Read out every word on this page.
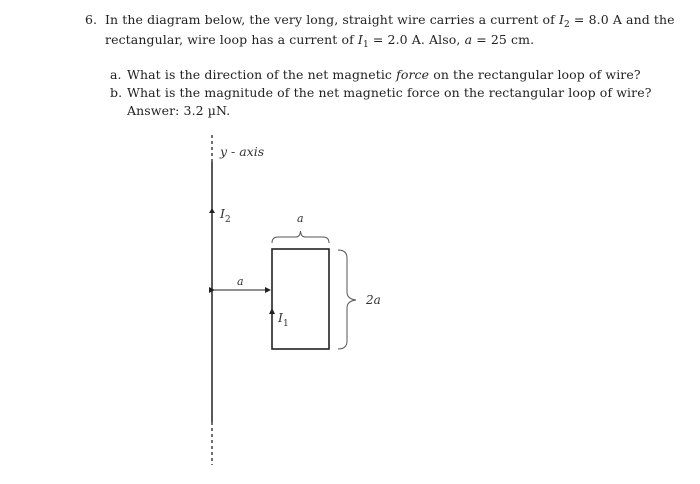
6. In the diagram below, the very long, straight wire carries a current of $I_2 = 8.0$ A and the
rectangular, wire loop has a current of $I_1 = 2.0$ A. Also, a = 25 cm.
a. What is the direction of the net magnetic force on the rectangular loop of wire?
b. What is the magnitude of the net magnetic force on the rectangular loop of wire?
Answer: 3.2 µN.
y - axis
$I_2$	a
2a
a
$I_1$
